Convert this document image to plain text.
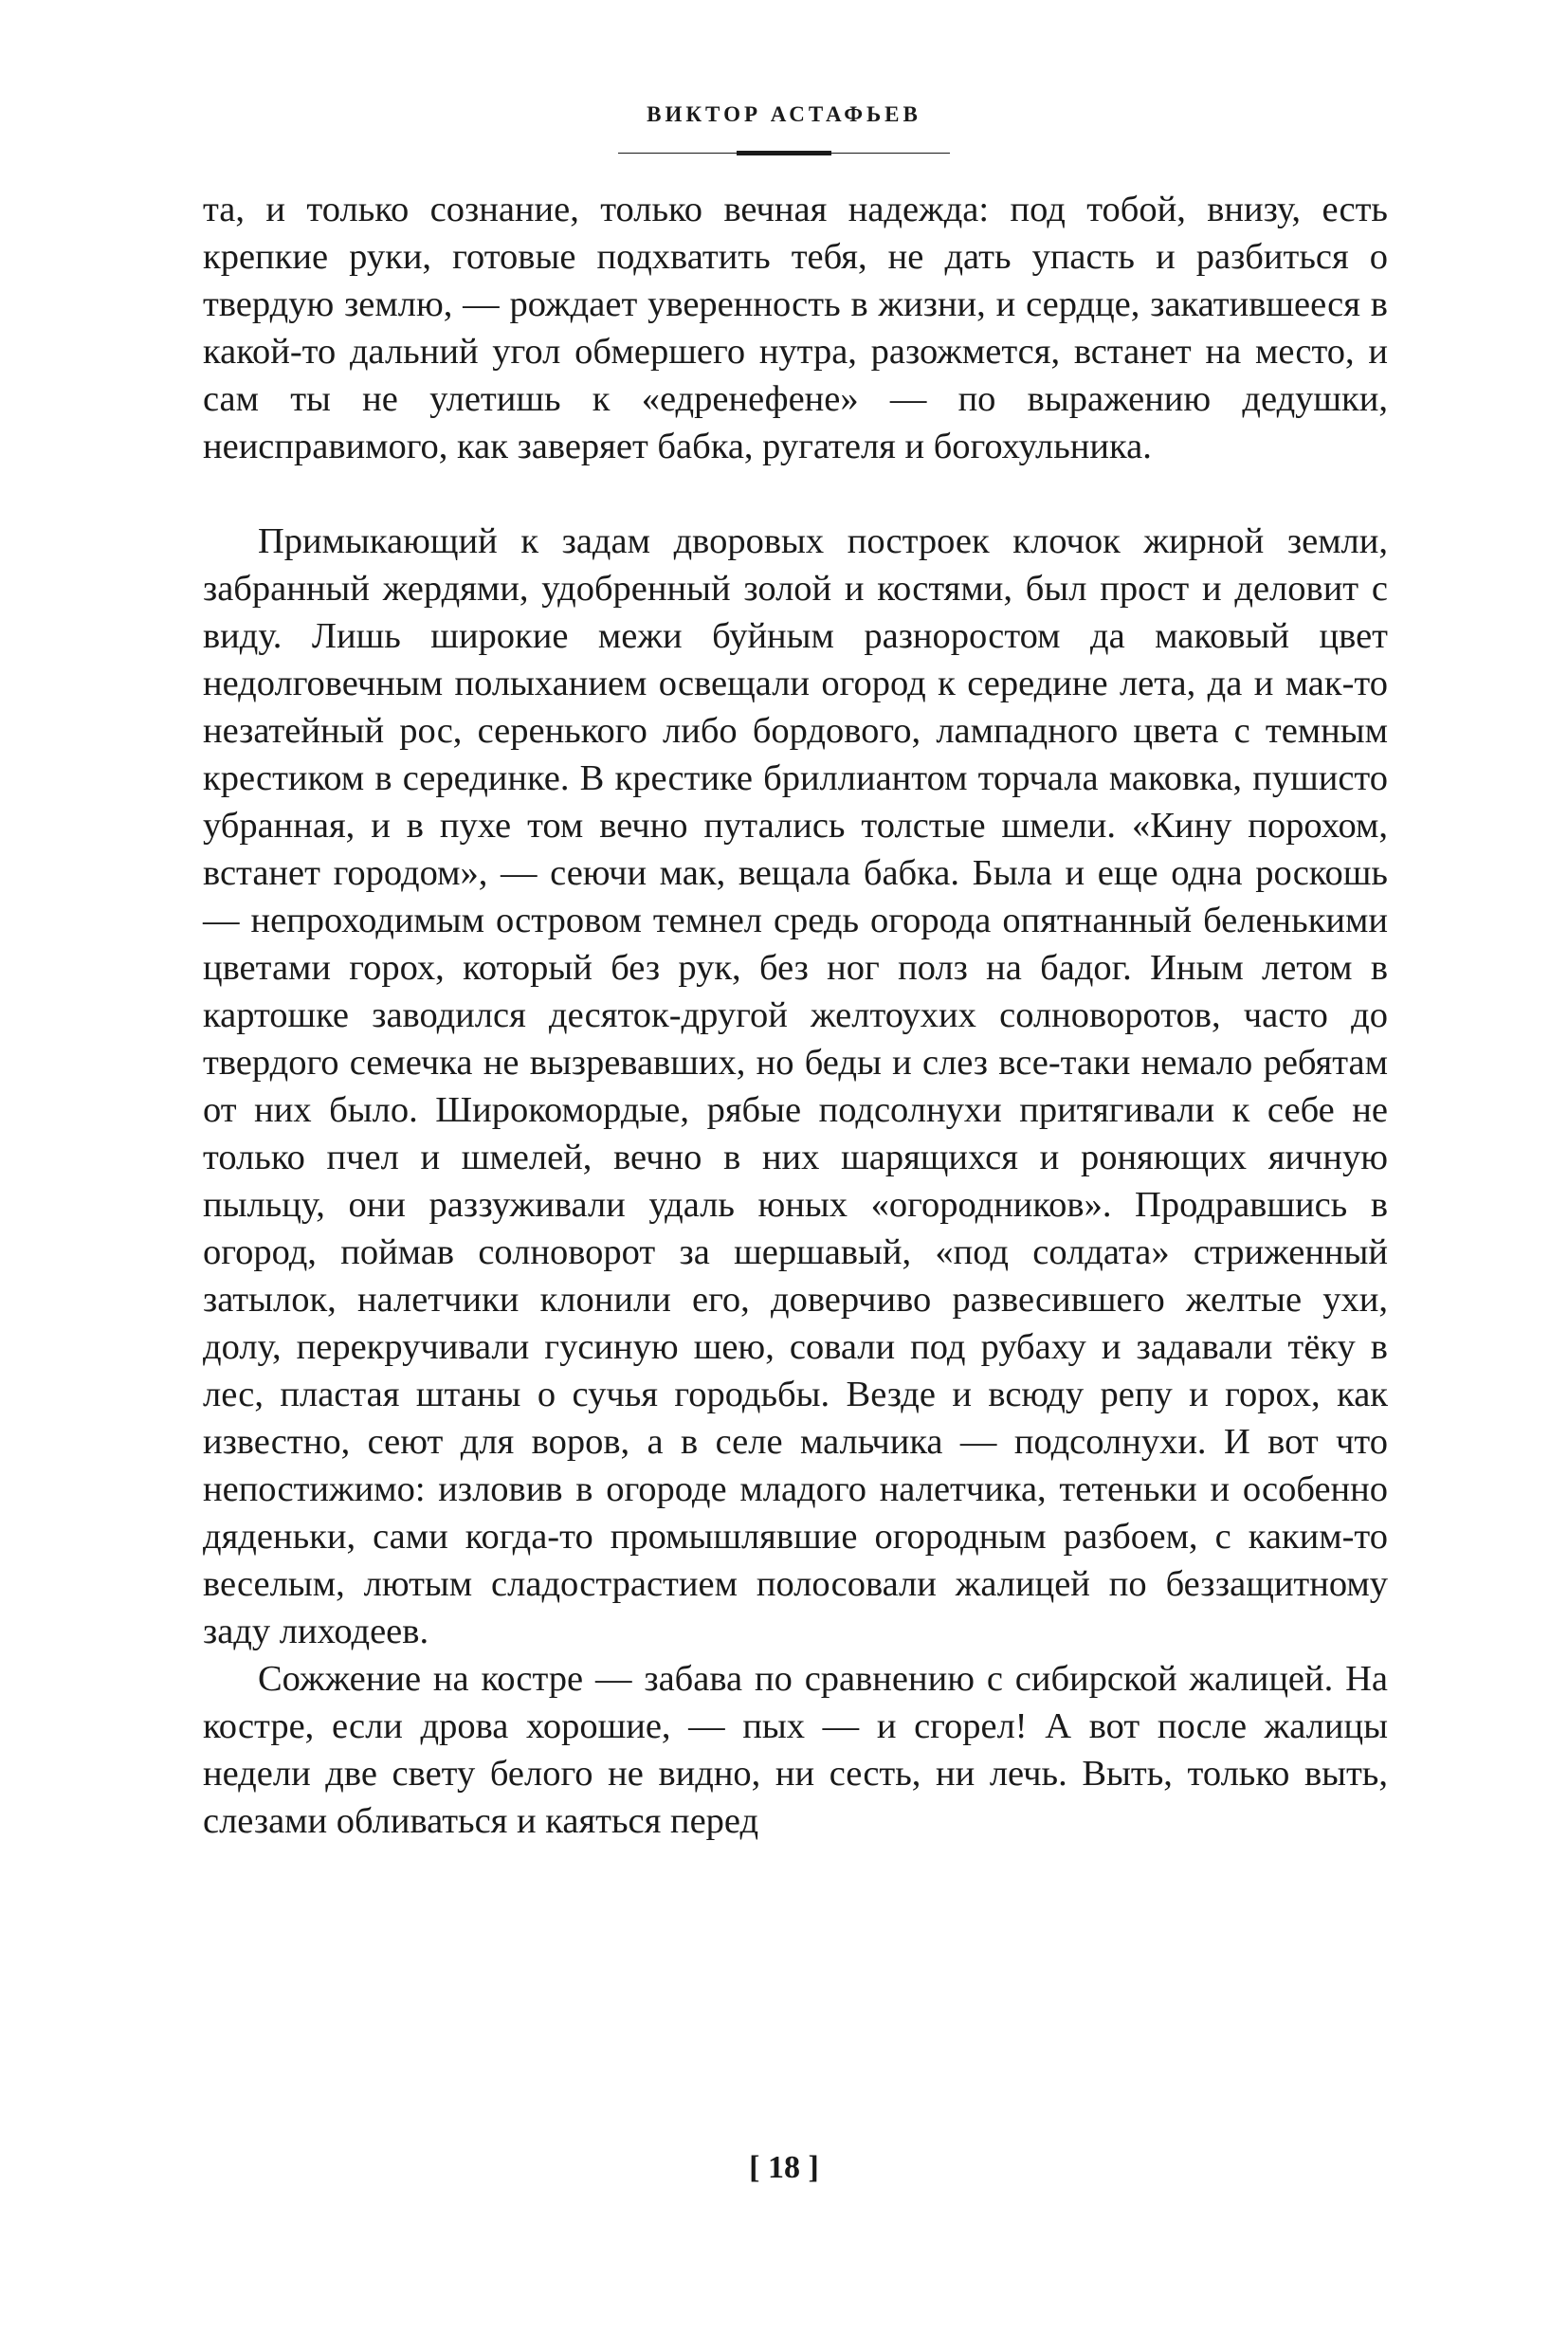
ВИКТОР АСТАФЬЕВ

та, и только сознание, только вечная надежда: под тобой, внизу, есть крепкие руки, готовые подхватить тебя, не дать упасть и разбиться о твердую землю, — рождает уверенность в жизни, и сердце, закатившееся в какой-то дальний угол обмершего нутра, разожмется, встанет на место, и сам ты не улетишь к «едренефене» — по выражению дедушки, неисправимого, как заверяет бабка, ругателя и богохульника.

Примыкающий к задам дворовых построек клочок жирной земли, забранный жердями, удобренный золой и костями, был прост и деловит с виду. Лишь широкие межи буйным разноростом да маковый цвет недолговечным полыханием освещали огород к середине лета, да и мак-то незатейный рос, серенького либо бордового, лампадного цвета с темным крестиком в серединке. В крестике бриллиантом торчала маковка, пушисто убранная, и в пухе том вечно путались толстые шмели. «Кину порохом, встанет городом», — сеючи мак, вещала бабка. Была и еще одна роскошь — непроходимым островом темнел средь огорода опятнанный беленькими цветами горох, который без рук, без ног полз на бадог. Иным летом в картошке заводился десяток-другой желтоухих солноворотов, часто до твердого семечка не вызревавших, но беды и слез все-таки немало ребятам от них было. Широкомордые, рябые подсолнухи притягивали к себе не только пчел и шмелей, вечно в них шарящихся и роняющих яичную пыльцу, они раззуживали удаль юных «огородников». Продравшись в огород, поймав солноворот за шершавый, «под солдата» стриженный затылок, налетчики клонили его, доверчиво развесившего желтые ухи, долу, перекручивали гусиную шею, совали под рубаху и задавали тёку в лес, пластая штаны о сучья городьбы. Везде и всюду репу и горох, как известно, сеют для воров, а в селе мальчика — подсолнухи. И вот что непостижимо: изловив в огороде младого налетчика, тетеньки и особенно дяденьки, сами когда-то промышлявшие огородным разбоем, с каким-то веселым, лютым сладострастием полосовали жалицей по беззащитному заду лиходеев.

Сожжение на костре — забава по сравнению с сибирской жалицей. На костре, если дрова хорошие, — пых — и сгорел! А вот после жалицы недели две свету белого не видно, ни сесть, ни лечь. Выть, только выть, слезами обливаться и каяться перед

[ 18 ]
